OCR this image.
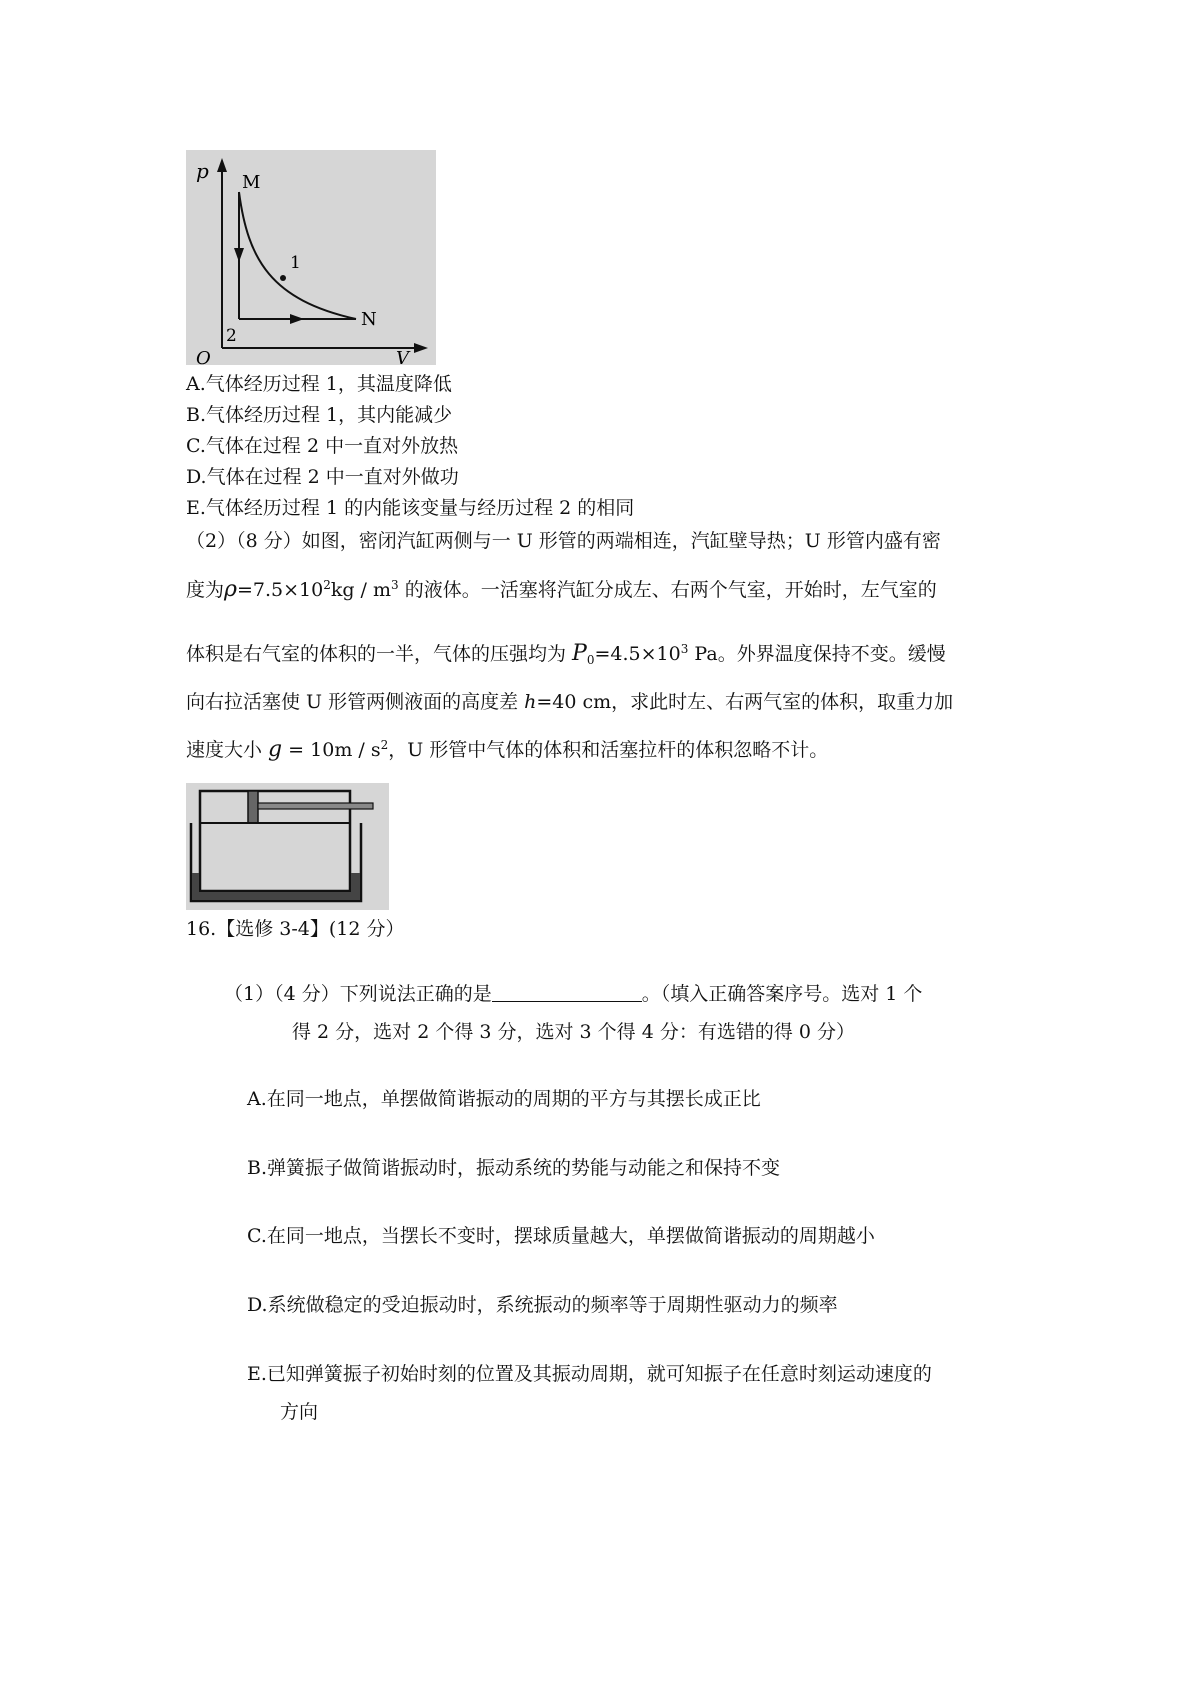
p M
1
2
N
O	V
A.气体经历过程 1，其温度降低
B.气体经历过程 1，其内能减少
C.气体在过程 2 中一直对外放热
D.气体在过程 2 中一直对外做功
E.气体经历过程 1 的内能该变量与经历过程 2 的相同
（2）（8 分）如图，密闭汽缸两侧与一 U 形管的两端相连，汽缸壁导热；U 形管内盛有密
度为$\rho=7.5\times 10^2kg / m^3$ 的液体。一活塞将汽缸分成左、右两个气室，开始时，左气室的
体积是右气室的体积的一半，气体的压强均为 $P_0=4.5\times 10^3$ Pa。外界温度保持不变。缓慢
向右拉活塞使 U 形管两侧液面的高度差 h=40 cm，求此时左、右两气室的体积，取重力加
速度大小 $g = 10m / s^2$，U 形管中气体的体积和活塞拉杆的体积忽略不计。
16.【选修 3-4】(12 分）
（1）（4 分）下列说法正确的是	。（填入正确答案序号。选对 1 个
得 2 分，选对 2 个得 3 分，选对 3 个得 4 分：有选错的得 0 分）
A.在同一地点，单摆做简谐振动的周期的平方与其摆长成正比
B.弹簧振子做简谐振动时，振动系统的势能与动能之和保持不变
C.在同一地点，当摆长不变时，摆球质量越大，单摆做简谐振动的周期越小
D.系统做稳定的受迫振动时，系统振动的频率等于周期性驱动力的频率
E.已知弹簧振子初始时刻的位置及其振动周期，就可知振子在任意时刻运动速度的
方向
